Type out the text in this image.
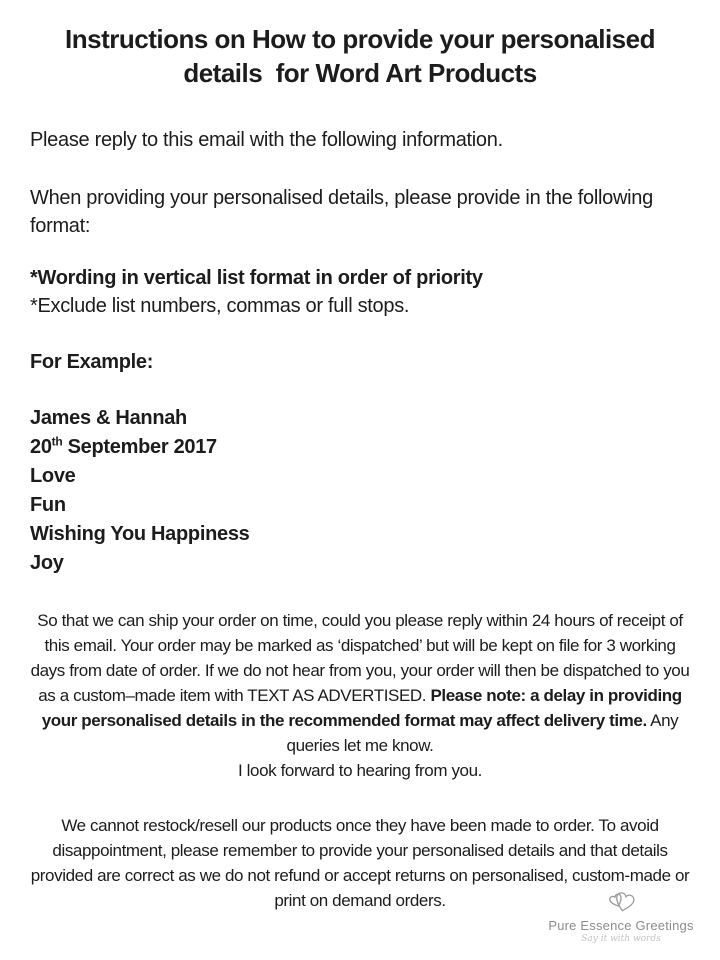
Instructions on How to provide your personalised
details  for Word Art Products

Please reply to this email with the following information.

When providing your personalised details, please provide in the following format:

*Wording in vertical list format in order of priority
*Exclude list numbers, commas or full stops.

For Example:

James & Hannah
20th September 2017
Love
Fun
Wishing You Happiness
Joy

So that we can ship your order on time, could you please reply within 24 hours of receipt of this email. Your order may be marked as ‘dispatched’ but will be kept on file for 3 working days from date of order. If we do not hear from you, your order will then be dispatched to you as a custom–made item with TEXT AS ADVERTISED. Please note: a delay in providing your personalised details in the recommended format may affect delivery time. Any queries let me know.
I look forward to hearing from you.

We cannot restock/resell our products once they have been made to order. To avoid disappointment, please remember to provide your personalised details and that details provided are correct as we do not refund or accept returns on personalised, custom-made or print on demand orders.

Pure Essence Greetings
Say it with words
